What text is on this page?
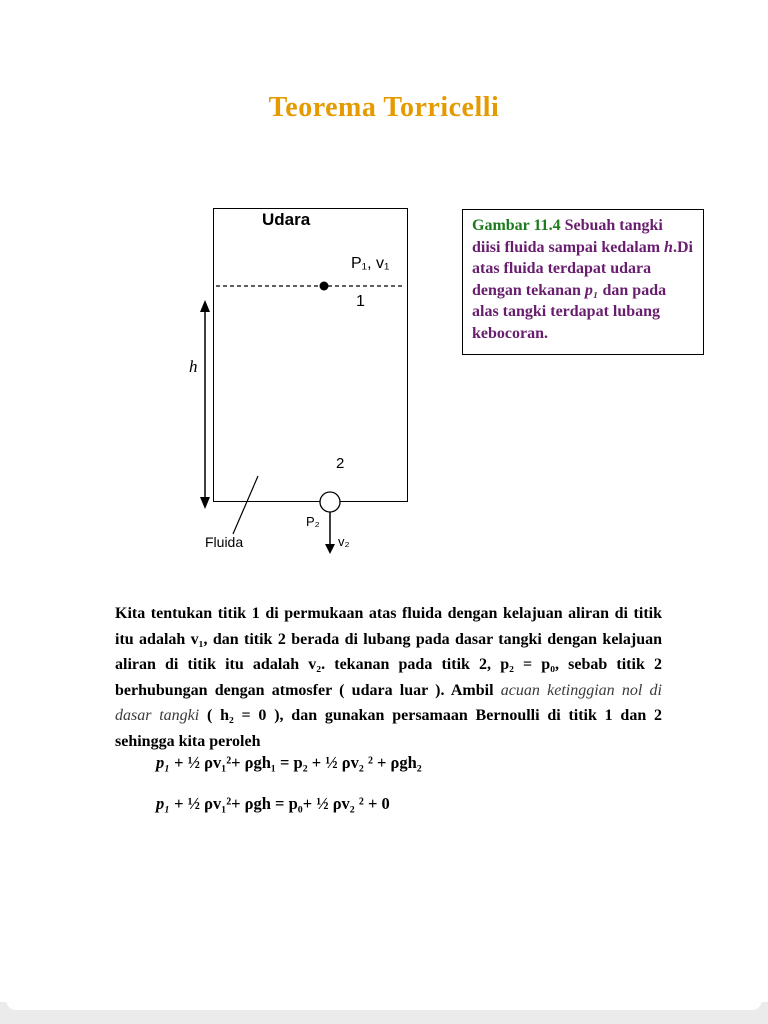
Teorema Torricelli
Udara
P₁, v₁
1
h
2
P₂
v₂
Fluida
Gambar 11.4 Sebuah tangki diisi fluida sampai kedalam h.Di atas fluida terdapat udara dengan tekanan p₁ dan pada alas tangki terdapat lubang kebocoran.
Kita tentukan titik 1 di permukaan atas fluida dengan kelajuan aliran di titik itu adalah v₁, dan titik 2 berada di lubang pada dasar tangki dengan kelajuan aliran di titik itu adalah v₂. tekanan pada titik 2, p₂ = p₀, sebab titik 2 berhubungan dengan atmosfer ( udara luar ). Ambil acuan ketinggian nol di dasar tangki ( h₂ = 0 ), dan gunakan persamaan Bernoulli di titik 1 dan 2 sehingga kita peroleh
p₁ + ½ ρv₁²+ ρgh₁ = p₂ + ½ ρv₂ ² + ρgh₂
p₁ + ½ ρv₁²+ ρgh = p₀+ ½ ρv₂ ² + 0
